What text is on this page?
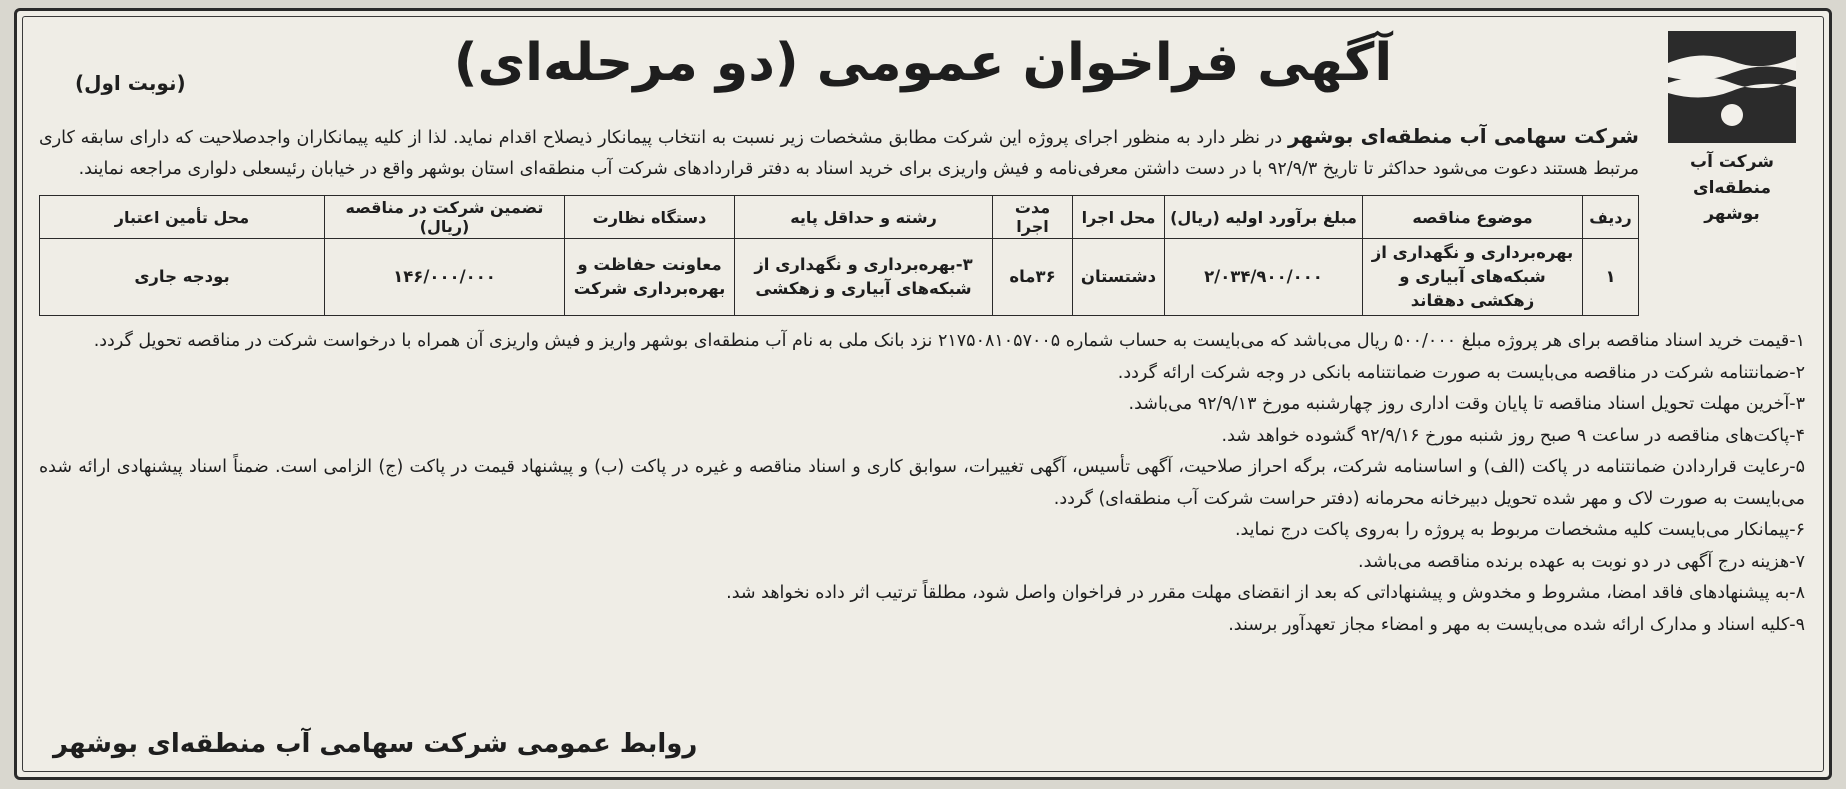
شرکت آب منطقه‌ای
بوشهر
آگهی فراخوان عمومی (دو مرحله‌ای)
(نوبت اول)

شرکت سهامی آب منطقه‌ای بوشهر در نظر دارد به منظور اجرای پروژه این شرکت مطابق مشخصات زیر نسبت به انتخاب پیمانکار ذیصلاح اقدام نماید. لذا از کلیه پیمانکاران واجدصلاحیت که دارای سابقه کاری مرتبط هستند دعوت می‌شود حداکثر تا تاریخ ۹۲/۹/۳ با در دست داشتن معرفی‌نامه و فیش واریزی برای خرید اسناد به دفتر قراردادهای شرکت آب منطقه‌ای استان بوشهر واقع در خیابان رئیسعلی دلواری مراجعه نمایند.

ردیف	موضوع مناقصه	مبلغ برآورد اولیه (ریال)	محل اجرا	مدت اجرا	رشته و حداقل پایه	دستگاه نظارت	تضمین شرکت در مناقصه (ریال)	محل تأمین اعتبار
۱	بهره‌برداری و نگهداری از شبکه‌های آبیاری و زهکشی دهقاند	۲/۰۳۴/۹۰۰/۰۰۰	دشتستان	۳۶ماه	۳-بهره‌برداری و نگهداری از شبکه‌های آبیاری و زهکشی	معاونت حفاظت و بهره‌برداری شرکت	۱۴۶/۰۰۰/۰۰۰	بودجه جاری
۱-قیمت خرید اسناد مناقصه برای هر پروژه مبلغ ۵۰۰/۰۰۰ ریال می‌باشد که می‌بایست به حساب شماره ۲۱۷۵۰۸۱۰۵۷۰۰۵ نزد بانک ملی به نام آب منطقه‌ای بوشهر واریز و فیش واریزی آن همراه با درخواست شرکت در مناقصه تحویل گردد.
۲-ضمانتنامه شرکت در مناقصه می‌بایست به صورت ضمانتنامه بانکی در وجه شرکت ارائه گردد.
۳-آخرین مهلت تحویل اسناد مناقصه تا پایان وقت اداری روز چهارشنبه مورخ ۹۲/۹/۱۳ می‌باشد.
۴-پاکت‌های مناقصه در ساعت ۹ صبح روز شنبه مورخ ۹۲/۹/۱۶ گشوده خواهد شد.
۵-رعایت قراردادن ضمانتنامه در پاکت (الف) و اساسنامه شرکت، برگه احراز صلاحیت، آگهی تأسیس، آگهی تغییرات، سوابق کاری و اسناد مناقصه و غیره در پاکت (ب) و پیشنهاد قیمت در پاکت (ج) الزامی است. ضمناً اسناد پیشنهادی ارائه شده می‌بایست به صورت لاک و مهر شده تحویل دبیرخانه محرمانه (دفتر حراست شرکت آب منطقه‌ای) گردد.
۶-پیمانکار می‌بایست کلیه مشخصات مربوط به پروژه را به‌روی پاکت درج نماید.
۷-هزینه درج آگهی در دو نوبت به عهده برنده مناقصه می‌باشد.
۸-به پیشنهادهای فاقد امضا، مشروط و مخدوش و پیشنهاداتی که بعد از انقضای مهلت مقرر در فراخوان واصل شود، مطلقاً ترتیب اثر داده نخواهد شد.
۹-کلیه اسناد و مدارک ارائه شده می‌بایست به مهر و امضاء مجاز تعهدآور برسند.
روابط عمومی شرکت سهامی آب منطقه‌ای بوشهر
